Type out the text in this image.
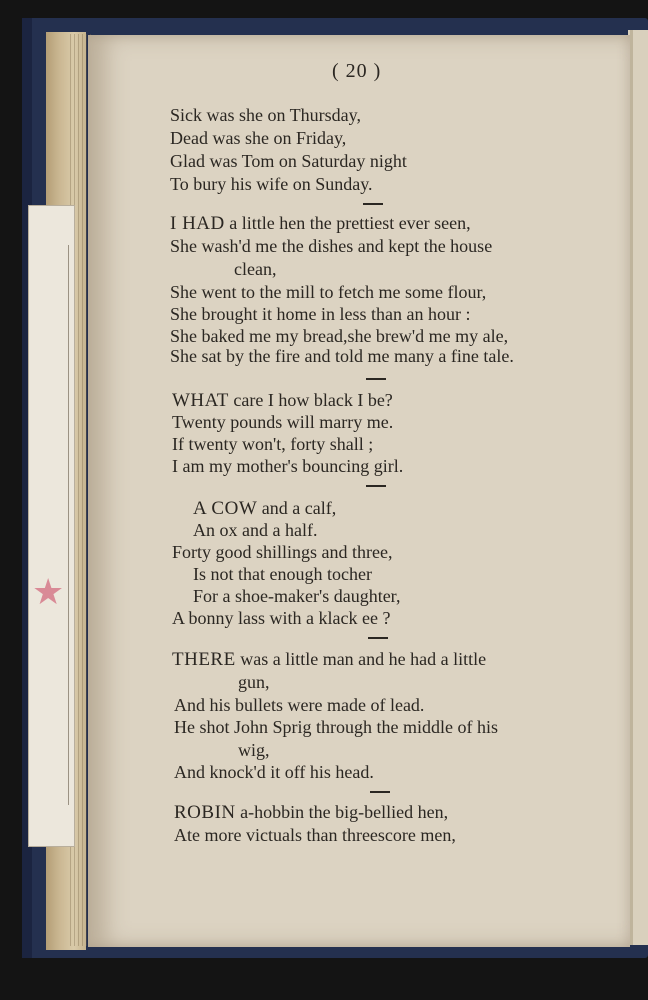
★
( 20 )
Sick was she on Thursday,
Dead was she on Friday,
Glad was Tom on Saturday night
To bury his wife on Sunday.
I HAD a little hen the prettiest ever seen,
She wash'd me the dishes and kept the house
clean,
She went to the mill to fetch me some flour,
She brought it home in less than an hour :
She baked me my bread,she brew'd me my ale,
She sat by the fire and told me many a fine tale.
WHAT care I how black I be?
Twenty pounds will marry me.
If twenty won't, forty shall ;
I am my mother's bouncing girl.
A COW and a calf,
An ox and a half.
Forty good shillings and three,
Is not that enough tocher
For a shoe-maker's daughter,
A bonny lass with a klack ee ?
THERE was a little man and he had a little
gun,
And his bullets were made of lead.
He shot John Sprig through the middle of his
wig,
And knock'd it off his head.
ROBIN a-hobbin the big-bellied hen,
Ate more victuals than threescore men,
